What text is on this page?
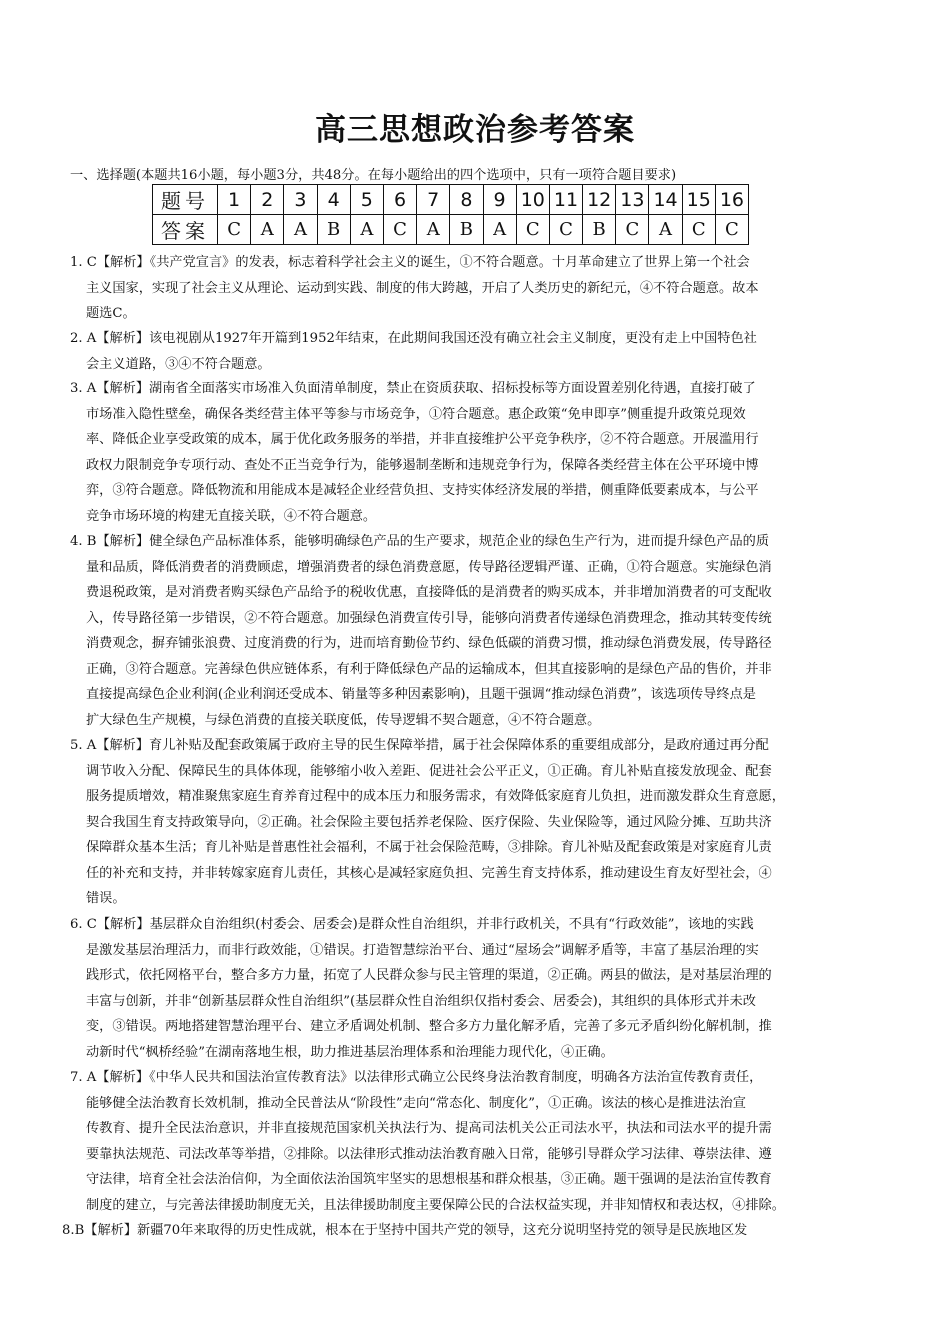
高三思想政治参考答案
一、选择题(本题共16小题，每小题3分，共48分。在每小题给出的四个选项中，只有一项符合题目要求)
题号	1	2	3	4	5	6	7	8	9	10	11	12	13	14	15	16
答案	C	A	A	B	A	C	A	B	A	C	C	B	C	A	C	C
1. C【解析】《共产党宣言》的发表，标志着科学社会主义的诞生，①不符合题意。十月革命建立了世界上第一个社会
主义国家，实现了社会主义从理论、运动到实践、制度的伟大跨越，开启了人类历史的新纪元，④不符合题意。故本
题选C。
2. A【解析】该电视剧从1927年开篇到1952年结束，在此期间我国还没有确立社会主义制度，更没有走上中国特色社
会主义道路，③④不符合题意。
3. A【解析】湖南省全面落实市场准入负面清单制度，禁止在资质获取、招标投标等方面设置差别化待遇，直接打破了
市场准入隐性壁垒，确保各类经营主体平等参与市场竞争，①符合题意。惠企政策“免申即享”侧重提升政策兑现效
率、降低企业享受政策的成本，属于优化政务服务的举措，并非直接维护公平竞争秩序，②不符合题意。开展滥用行
政权力限制竞争专项行动、查处不正当竞争行为，能够遏制垄断和违规竞争行为，保障各类经营主体在公平环境中博
弈，③符合题意。降低物流和用能成本是减轻企业经营负担、支持实体经济发展的举措，侧重降低要素成本，与公平
竞争市场环境的构建无直接关联，④不符合题意。
4. B【解析】健全绿色产品标准体系，能够明确绿色产品的生产要求，规范企业的绿色生产行为，进而提升绿色产品的质
量和品质，降低消费者的消费顾虑，增强消费者的绿色消费意愿，传导路径逻辑严谨、正确，①符合题意。实施绿色消
费退税政策，是对消费者购买绿色产品给予的税收优惠，直接降低的是消费者的购买成本，并非增加消费者的可支配收
入，传导路径第一步错误，②不符合题意。加强绿色消费宣传引导，能够向消费者传递绿色消费理念，推动其转变传统
消费观念，摒弃铺张浪费、过度消费的行为，进而培育勤俭节约、绿色低碳的消费习惯，推动绿色消费发展，传导路径
正确，③符合题意。完善绿色供应链体系，有利于降低绿色产品的运输成本，但其直接影响的是绿色产品的售价，并非
直接提高绿色企业利润(企业利润还受成本、销量等多种因素影响)，且题干强调“推动绿色消费”，该选项传导终点是
扩大绿色生产规模，与绿色消费的直接关联度低，传导逻辑不契合题意，④不符合题意。
5. A【解析】育儿补贴及配套政策属于政府主导的民生保障举措，属于社会保障体系的重要组成部分，是政府通过再分配
调节收入分配、保障民生的具体体现，能够缩小收入差距、促进社会公平正义，①正确。育儿补贴直接发放现金、配套
服务提质增效，精准聚焦家庭生育养育过程中的成本压力和服务需求，有效降低家庭育儿负担，进而激发群众生育意愿，
契合我国生育支持政策导向，②正确。社会保险主要包括养老保险、医疗保险、失业保险等，通过风险分摊、互助共济
保障群众基本生活；育儿补贴是普惠性社会福利，不属于社会保险范畴，③排除。育儿补贴及配套政策是对家庭育儿责
任的补充和支持，并非转嫁家庭育儿责任，其核心是减轻家庭负担、完善生育支持体系，推动建设生育友好型社会，④
错误。
6. C【解析】基层群众自治组织(村委会、居委会)是群众性自治组织，并非行政机关，不具有“行政效能”，该地的实践
是激发基层治理活力，而非行政效能，①错误。打造智慧综治平台、通过“屋场会”调解矛盾等，丰富了基层治理的实
践形式，依托网格平台，整合多方力量，拓宽了人民群众参与民主管理的渠道，②正确。两县的做法，是对基层治理的
丰富与创新，并非“创新基层群众性自治组织”(基层群众性自治组织仅指村委会、居委会)，其组织的具体形式并未改
变，③错误。两地搭建智慧治理平台、建立矛盾调处机制、整合多方力量化解矛盾，完善了多元矛盾纠纷化解机制，推
动新时代“枫桥经验”在湖南落地生根，助力推进基层治理体系和治理能力现代化，④正确。
7. A【解析】《中华人民共和国法治宣传教育法》以法律形式确立公民终身法治教育制度，明确各方法治宣传教育责任，
能够健全法治教育长效机制，推动全民普法从“阶段性”走向“常态化、制度化”，①正确。该法的核心是推进法治宣
传教育、提升全民法治意识，并非直接规范国家机关执法行为、提高司法机关公正司法水平，执法和司法水平的提升需
要靠执法规范、司法改革等举措，②排除。以法律形式推动法治教育融入日常，能够引导群众学习法律、尊崇法律、遵
守法律，培育全社会法治信仰，为全面依法治国筑牢坚实的思想根基和群众根基，③正确。题干强调的是法治宣传教育
制度的建立，与完善法律援助制度无关，且法律援助制度主要保障公民的合法权益实现，并非知情权和表达权，④排除。
8.B【解析】新疆70年来取得的历史性成就，根本在于坚持中国共产党的领导，这充分说明坚持党的领导是民族地区发
